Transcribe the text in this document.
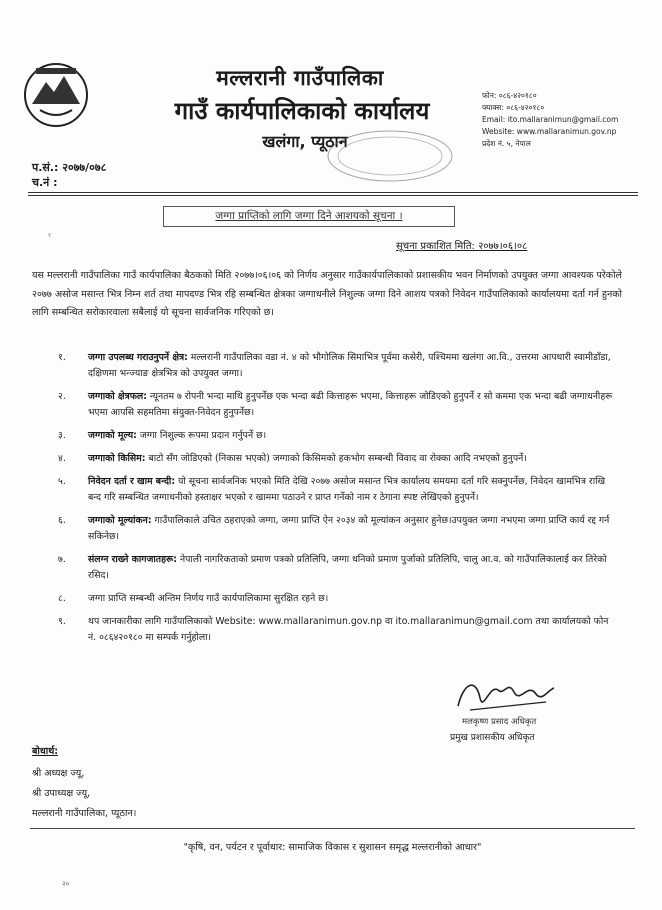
मल्लरानी गाउँपालिका
गाउँ कार्यपालिकाको कार्यालय
खलंगा, प्यूठान
फोन: ०८६-४२०१८०
फ्याक्स: ०८६-४२०१८०
Email: ito.mallaranimun@gmail.com
Website: www.mallaranimun.gov.np
प्रदेश नं. ५, नेपाल
प.सं.: २०७७/०७८
च.नं :
जग्गा प्राप्तिको लागि जग्गा दिने आशयको सूचना ।
ˁ
सूचना प्रकाशित मिति: २०७७।०६।०८
यस मल्लरानी गाउँपालिका गाउँ कार्यपालिका बैठकको मिति २०७७।०६।०६ को निर्णय अनुसार गाउँकार्यपालिकाको प्रशासकीय भवन निर्माणको उपयुक्त जग्गा आवश्यक परेकोले २०७७ असोज मसान्त भित्र निम्न शर्त तथा मापदण्ड भित्र रहि सम्बन्धित क्षेत्रका जग्गाधनीले निशुल्क जग्गा दिने आशय पत्रको निवेदन गाउँपालिकाको कार्यालयमा दर्ता गर्न हुनको लागि सम्बन्धित सरोकारवाला सबैलाई यो सूचना सार्वजनिक गरिएको छ।
१. जग्गा उपलब्ध गराउनुपर्ने क्षेत्र: मल्लरानी गाउँपालिका वडा नं. ४ को भौगोलिक सिमाभित्र पूर्वमा कसेरी, पश्चिममा खलंगा आ.वि., उत्तरमा आपधारी स्वामीडाँडा, दक्षिणमा भन्ज्याङ क्षेत्रभित्र को उपयुक्त जग्गा।
२. जग्गाको क्षेत्रफल: न्यूनतम ७ रोपनी भन्दा माथि हुनुपर्नेछ एक भन्दा बढी कित्ताहरू भएमा, कित्ताहरू जोडिएको हुनुपर्ने र सो कममा एक भन्दा बढी जग्गाधनीहरू भएमा आपसि सहमतिमा संयुक्त-निवेदन हुनुपर्नेछ।
३. जग्गाको मूल्य: जग्गा निशुल्क रूपमा प्रदान गर्नुपर्ने छ।
४. जग्गाको किसिम: बाटो सँग जोडिएको (निकास भएको) जग्गाको किसिमको हकभोग सम्बन्धी विवाद वा रोक्का आदि नभएको हुनुपर्ने।
५. निवेदन दर्ता र खाम बन्दी: यो सूचना सार्वजनिक भएको मिति देखि २०७७ असोज मसान्त भित्र कार्यालय समयमा दर्ता गरि सक्नुपर्नेछ, निवेदन खामभित्र राखि बन्द गरि सम्बन्धित जग्गाधनीको हस्ताक्षर भएको र खाममा पठाउने र प्राप्त गर्नेको नाम र ठेगाना स्पष्ट लेखिएको हुनुपर्ने।
६. जग्गाको मूल्यांकन: गाउँपालिकाले उचित ठहराएको जग्गा, जग्गा प्राप्ति ऐन २०३४ को मूल्यांकन अनुसार हुनेछ।उपयुक्त जग्गा नभएमा जग्गा प्राप्ति कार्य रद्द गर्न सकिनेछ।
७. संलग्न राख्ने कागजातहरू: नेपाली नागरिकताको प्रमाण पत्रको प्रतिलिपि, जग्गा धनिको प्रमाण पुर्जाको प्रतिलिपि, चालु आ.व. को गाउँपालिकालाई कर तिरेको रसिद।
८. जग्गा प्राप्ति सम्बन्धी अन्तिम निर्णय गाउँ कार्यपालिकामा सुरक्षित रहने छ।
९. थप जानकारीका लागि गाउँपालिकाको Website: www.mallaranimun.gov.np वा ito.mallaranimun@gmail.com तथा कार्यालयको फोन नं. ०८६४२०१८० मा सम्पर्क गर्नुहोला।
मलकृष्ण प्रसाद अधिकृत
प्रमुख प्रशासकीय अधिकृत
बोधार्थ:
श्री अध्यक्ष ज्यू,
श्री उपाध्यक्ष ज्यू,
मल्लरानी गाउँपालिका, प्यूठान।
"कृषि, वन, पर्यटन र पूर्वाधार: सामाजिक विकास र सुशासन समृद्ध मल्लरानीको आधार"
२०
